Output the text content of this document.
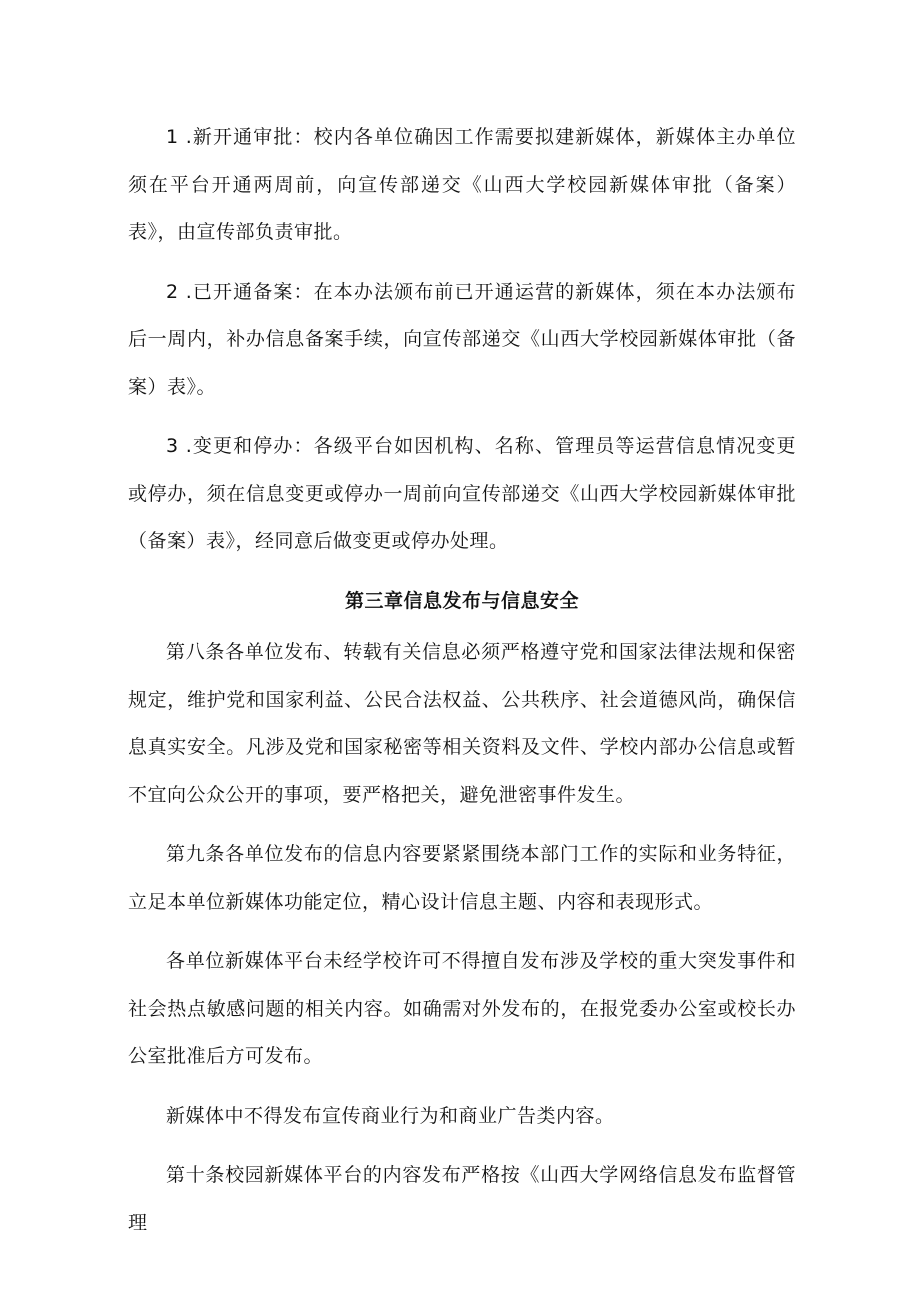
1 .新开通审批：校内各单位确因工作需要拟建新媒体，新媒体主办单位须在平台开通两周前，向宣传部递交《山西大学校园新媒体审批（备案）表》，由宣传部负责审批。

2 .已开通备案：在本办法颁布前已开通运营的新媒体，须在本办法颁布后一周内，补办信息备案手续，向宣传部递交《山西大学校园新媒体审批（备案）表》。

3 .变更和停办：各级平台如因机构、名称、管理员等运营信息情况变更或停办，须在信息变更或停办一周前向宣传部递交《山西大学校园新媒体审批（备案）表》，经同意后做变更或停办处理。

第三章信息发布与信息安全

第八条各单位发布、转载有关信息必须严格遵守党和国家法律法规和保密规定，维护党和国家利益、公民合法权益、公共秩序、社会道德风尚，确保信息真实安全。凡涉及党和国家秘密等相关资料及文件、学校内部办公信息或暂不宜向公众公开的事项，要严格把关，避免泄密事件发生。

第九条各单位发布的信息内容要紧紧围绕本部门工作的实际和业务特征，立足本单位新媒体功能定位，精心设计信息主题、内容和表现形式。

各单位新媒体平台未经学校许可不得擅自发布涉及学校的重大突发事件和社会热点敏感问题的相关内容。如确需对外发布的，在报党委办公室或校长办公室批准后方可发布。

新媒体中不得发布宣传商业行为和商业广告类内容。

第十条校园新媒体平台的内容发布严格按《山西大学网络信息发布监督管理
